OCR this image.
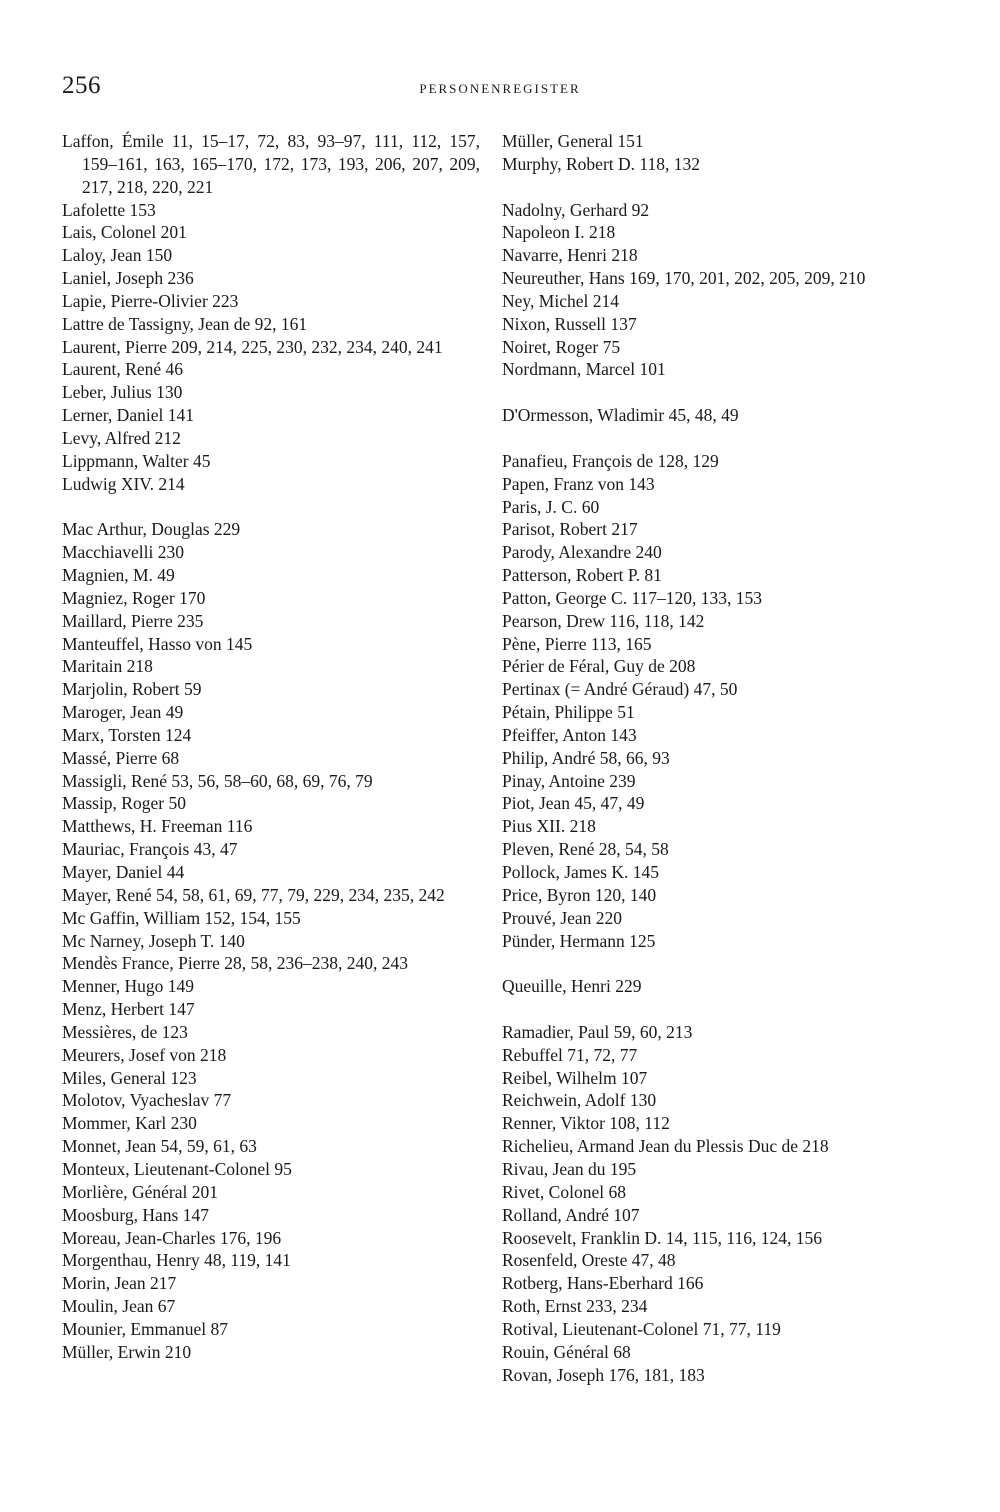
256	PERSONENREGISTER
Laffon, Émile 11, 15–17, 72, 83, 93–97, 111, 112, 157, 159–161, 163, 165–170, 172, 173, 193, 206, 207, 209, 217, 218, 220, 221
Lafolette 153
Lais, Colonel 201
Laloy, Jean 150
Laniel, Joseph 236
Lapie, Pierre-Olivier 223
Lattre de Tassigny, Jean de 92, 161
Laurent, Pierre 209, 214, 225, 230, 232, 234, 240, 241
Laurent, René 46
Leber, Julius 130
Lerner, Daniel 141
Levy, Alfred 212
Lippmann, Walter 45
Ludwig XIV. 214
Mac Arthur, Douglas 229
Macchiavelli 230
Magnien, M. 49
Magniez, Roger 170
Maillard, Pierre 235
Manteuffel, Hasso von 145
Maritain 218
Marjolin, Robert 59
Maroger, Jean 49
Marx, Torsten 124
Massé, Pierre 68
Massigli, René 53, 56, 58–60, 68, 69, 76, 79
Massip, Roger 50
Matthews, H. Freeman 116
Mauriac, François 43, 47
Mayer, Daniel 44
Mayer, René 54, 58, 61, 69, 77, 79, 229, 234, 235, 242
Mc Gaffin, William 152, 154, 155
Mc Narney, Joseph T. 140
Mendès France, Pierre 28, 58, 236–238, 240, 243
Menner, Hugo 149
Menz, Herbert 147
Messières, de 123
Meurers, Josef von 218
Miles, General 123
Molotov, Vyacheslav 77
Mommer, Karl 230
Monnet, Jean 54, 59, 61, 63
Monteux, Lieutenant-Colonel 95
Morlière, Général 201
Moosburg, Hans 147
Moreau, Jean-Charles 176, 196
Morgenthau, Henry 48, 119, 141
Morin, Jean 217
Moulin, Jean 67
Mounier, Emmanuel 87
Müller, Erwin 210
Müller, General 151
Murphy, Robert D. 118, 132
Nadolny, Gerhard 92
Napoleon I. 218
Navarre, Henri 218
Neureuther, Hans 169, 170, 201, 202, 205, 209, 210
Ney, Michel 214
Nixon, Russell 137
Noiret, Roger 75
Nordmann, Marcel 101
D'Ormesson, Wladimir 45, 48, 49
Panafieu, François de 128, 129
Papen, Franz von 143
Paris, J. C. 60
Parisot, Robert 217
Parody, Alexandre 240
Patterson, Robert P. 81
Patton, George C. 117–120, 133, 153
Pearson, Drew 116, 118, 142
Pène, Pierre 113, 165
Périer de Féral, Guy de 208
Pertinax (= André Géraud) 47, 50
Pétain, Philippe 51
Pfeiffer, Anton 143
Philip, André 58, 66, 93
Pinay, Antoine 239
Piot, Jean 45, 47, 49
Pius XII. 218
Pleven, René 28, 54, 58
Pollock, James K. 145
Price, Byron 120, 140
Prouvé, Jean 220
Pünder, Hermann 125
Queuille, Henri 229
Ramadier, Paul 59, 60, 213
Rebuffel 71, 72, 77
Reibel, Wilhelm 107
Reichwein, Adolf 130
Renner, Viktor 108, 112
Richelieu, Armand Jean du Plessis Duc de 218
Rivau, Jean du 195
Rivet, Colonel 68
Rolland, André 107
Roosevelt, Franklin D. 14, 115, 116, 124, 156
Rosenfeld, Oreste 47, 48
Rotberg, Hans-Eberhard 166
Roth, Ernst 233, 234
Rotival, Lieutenant-Colonel 71, 77, 119
Rouin, Général 68
Rovan, Joseph 176, 181, 183
